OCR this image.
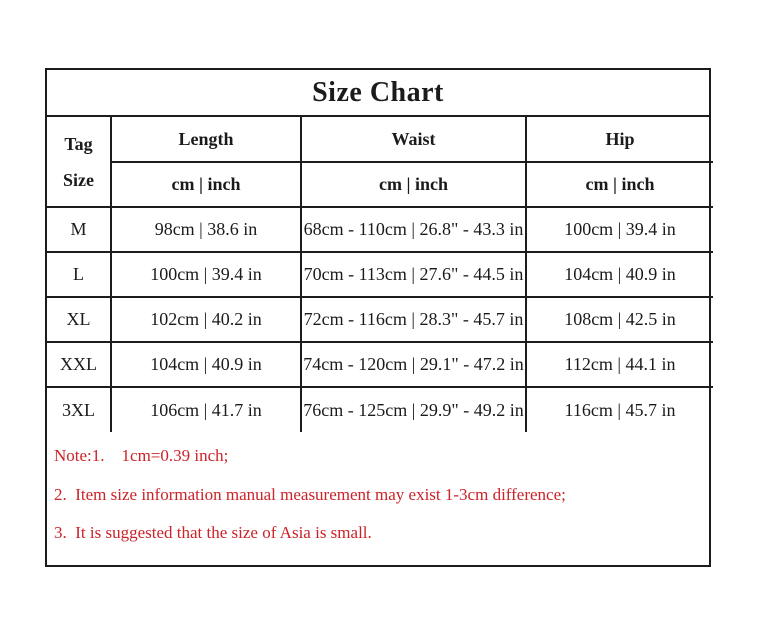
Size Chart
Tag
Size	Length	Waist	Hip
	cm | inch	cm | inch	cm | inch
M	98cm | 38.6 in	68cm - 110cm | 26.8" - 43.3 in	100cm | 39.4 in
L	100cm | 39.4 in	70cm - 113cm | 27.6" - 44.5 in	104cm | 40.9 in
XL	102cm | 40.2 in	72cm - 116cm | 28.3" - 45.7 in	108cm | 42.5 in
XXL	104cm | 40.9 in	74cm - 120cm | 29.1" - 47.2 in	112cm | 44.1 in
3XL	106cm | 41.7 in	76cm - 125cm | 29.9" - 49.2 in	116cm | 45.7 in
Note:1.    1cm=0.39 inch;
2.  Item size information manual measurement may exist 1-3cm difference;
3.  It is suggested that the size of Asia is small.
